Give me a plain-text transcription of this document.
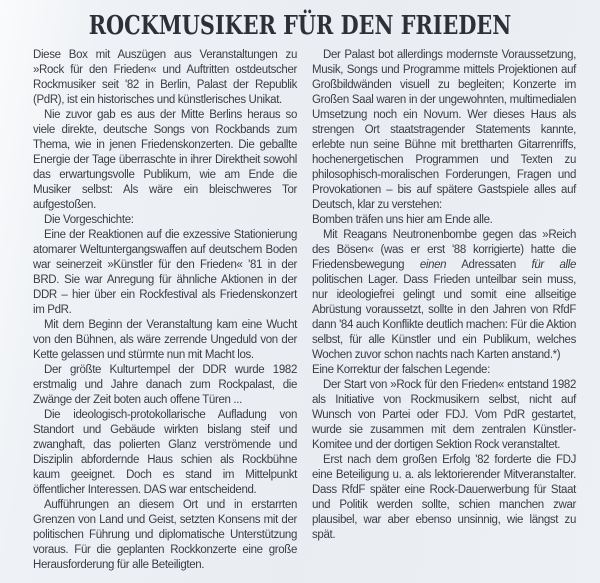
ROCKMUSIKER FÜR DEN FRIEDEN

Diese Box mit Auszügen aus Veranstaltungen zu »Rock für den Frieden« und Auftritten ostdeutscher Rockmusiker seit '82 in Berlin, Palast der Republik (PdR), ist ein historisches und künstlerisches Unikat.

Nie zuvor gab es aus der Mitte Berlins heraus so viele direkte, deutsche Songs von Rockbands zum Thema, wie in jenen Friedenskonzerten. Die geballte Energie der Tage überraschte in ihrer Direktheit sowohl das erwartungsvolle Publikum, wie am Ende die Musiker selbst: Als wäre ein bleischweres Tor aufgestoßen.

Die Vorgeschichte:

Eine der Reaktionen auf die exzessive Stationierung atomarer Weltuntergangswaffen auf deutschem Boden war seinerzeit »Künstler für den Frieden« '81 in der BRD. Sie war Anregung für ähnliche Aktionen in der DDR – hier über ein Rockfestival als Friedenskonzert im PdR.

Mit dem Beginn der Veranstaltung kam eine Wucht von den Bühnen, als wäre zerrende Ungeduld von der Kette gelassen und stürmte nun mit Macht los.

Der größte Kulturtempel der DDR wurde 1982 erstmalig und Jahre danach zum Rockpalast, die Zwänge der Zeit boten auch offene Türen ...

Die ideologisch-protokollarische Aufladung von Standort und Gebäude wirkten bislang steif und zwanghaft, das polierten Glanz verströmende und Disziplin abfordernde Haus schien als Rockbühne kaum geeignet. Doch es stand im Mittelpunkt öffentlicher Interessen. DAS war entscheidend.

Aufführungen an diesem Ort und in erstarrten Grenzen von Land und Geist, setzten Konsens mit der politischen Führung und diplomatische Unterstützung voraus. Für die geplanten Rockkonzerte eine große Herausforderung für alle Beteiligten.

Der Palast bot allerdings modernste Voraussetzung, Musik, Songs und Programme mittels Projektionen auf Großbildwänden visuell zu begleiten; Konzerte im Großen Saal waren in der ungewohnten, multimedialen Umsetzung noch ein Novum. Wer dieses Haus als strengen Ort staatstragender Statements kannte, erlebte nun seine Bühne mit brettharten Gitarrenriffs, hochenergetischen Programmen und Texten zu philosophisch-moralischen Forderungen, Fragen und Provokationen – bis auf spätere Gastspiele alles auf Deutsch, klar zu verstehen:

Bomben träfen uns hier am Ende alle.

Mit Reagans Neutronenbombe gegen das »Reich des Bösen« (was er erst '88 korrigierte) hatte die Friedensbewegung einen Adressaten für alle politischen Lager. Dass Frieden unteilbar sein muss, nur ideologiefrei gelingt und somit eine allseitige Abrüstung voraussetzt, sollte in den Jahren von RfdF dann '84 auch Konflikte deutlich machen: Für die Aktion selbst, für alle Künstler und ein Publikum, welches Wochen zuvor schon nachts nach Karten anstand.*)

Eine Korrektur der falschen Legende:

Der Start von »Rock für den Frieden« entstand 1982 als Initiative von Rockmusikern selbst, nicht auf Wunsch von Partei oder FDJ. Vom PdR gestartet, wurde sie zusammen mit dem zentralen Künstler-Komitee und der dortigen Sektion Rock veranstaltet.

Erst nach dem großen Erfolg '82 forderte die FDJ eine Beteiligung u. a. als lektorierender Mitveranstalter. Dass RfdF später eine Rock-Dauerwerbung für Staat und Politik werden sollte, schien manchen zwar plausibel, war aber ebenso unsinnig, wie längst zu spät.
